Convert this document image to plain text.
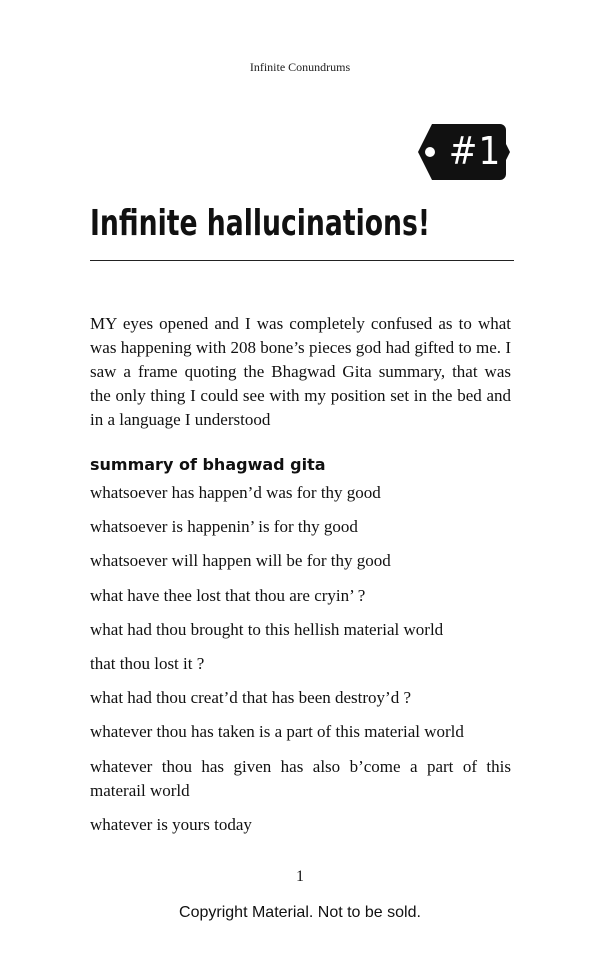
Infinite Conundrums
#1
Infinite hallucinations!

MY eyes opened and I was completely confused as to what was happening with 208 bone’s pieces god had gifted to me. I saw a frame quoting the Bhagwad Gita summary, that was the only thing I could see with my position set in the bed and in a language I understood

summary of bhagwad gita
whatsoever has happen’d was for thy good
whatsoever is happenin’ is for thy good
whatsoever will happen will be for thy good
what have thee lost that thou are cryin’ ?
what had thou brought to this hellish material world
that thou lost it ?
what had thou creat’d that has been destroy’d ?
whatever thou has taken is a part of this material world
whatever thou has given has also b’come a part of this materail world
whatever is yours today
1
Copyright Material. Not to be sold.
